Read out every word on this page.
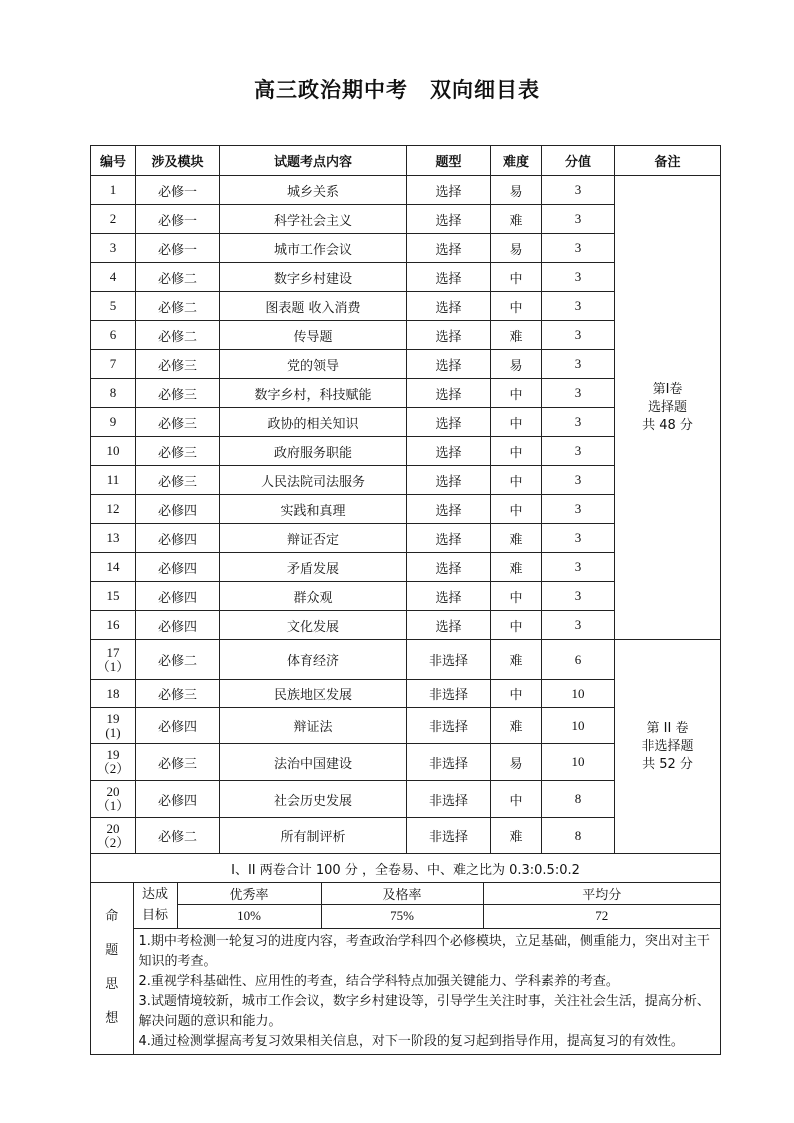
高三政治期中考 双向细目表
编号	涉及模块	试题考点内容	题型	难度	分值	备注

1	必修一	城乡关系	选择	易	3	
第Ⅰ卷
选择题
共 48 分

2	必修一	科学社会主义	选择	难	3

3	必修一	城市工作会议	选择	易	3

4	必修二	数字乡村建设	选择	中	3

5	必修二	图表题 收入消费	选择	中	3

6	必修二	传导题	选择	难	3

7	必修三	党的领导	选择	易	3

8	必修三	数字乡村，科技赋能	选择	中	3

9	必修三	政协的相关知识	选择	中	3

10	必修三	政府服务职能	选择	中	3

11	必修三	人民法院司法服务	选择	中	3

12	必修四	实践和真理	选择	中	3

13	必修四	辩证否定	选择	难	3

14	必修四	矛盾发展	选择	难	3

15	必修四	群众观	选择	中	3

16	必修四	文化发展	选择	中	3

17
（1）	必修二	体育经济	非选择	难	6	
第 II 卷
非选择题
共 52 分

18	必修三	民族地区发展	非选择	中	10

19
(1)	必修四	辩证法	非选择	难	10

19
（2）	必修三	法治中国建设	非选择	易	10

20
（1）	必修四	社会历史发展	非选择	中	8

20
（2）	必修二	所有制评析	非选择	难	8
Ⅰ、II 两卷合计 100 分 ，全卷易、中、难之比为 0.3:0.5:0.2

命
题
思
想

达成
目标
	优秀率	及格率	平均分
10%	75%	72

1.期中考检测一轮复习的进度内容，考查政治学科四个必修模块，立足基础，侧重能力，突出对主干知识的考查。
2.重视学科基础性、应用性的考查，结合学科特点加强关键能力、学科素养的考查。
3.试题情境较新，城市工作会议，数字乡村建设等，引导学生关注时事，关注社会生活，提高分析、解决问题的意识和能力。
4.通过检测掌握高考复习效果相关信息，对下一阶段的复习起到指导作用，提高复习的有效性。
